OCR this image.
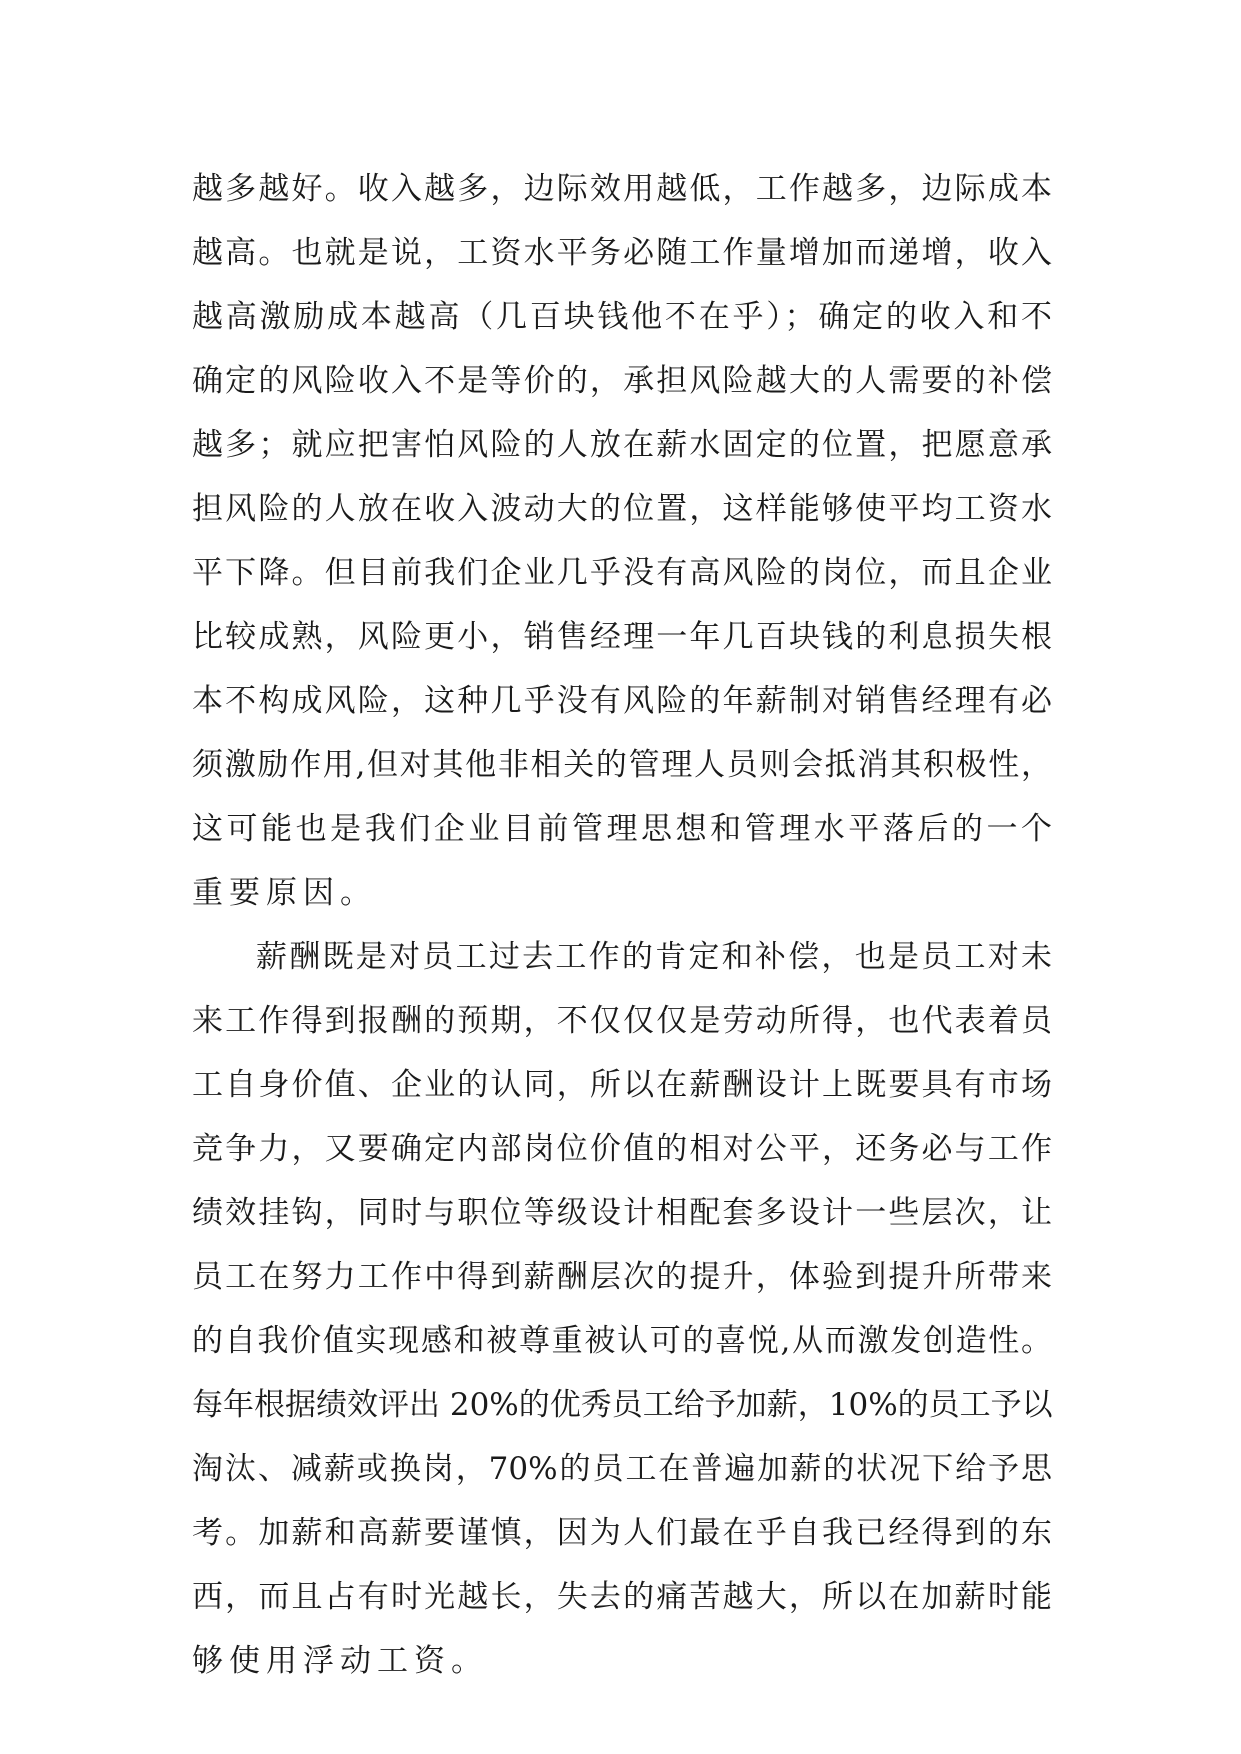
越多越好。收入越多，边际效用越低，工作越多，边际成本
越高。也就是说，工资水平务必随工作量增加而递增，收入
越高激励成本越高（几百块钱他不在乎）；确定的收入和不
确定的风险收入不是等价的，承担风险越大的人需要的补偿
越多；就应把害怕风险的人放在薪水固定的位置，把愿意承
担风险的人放在收入波动大的位置，这样能够使平均工资水
平下降。但目前我们企业几乎没有高风险的岗位，而且企业
比较成熟，风险更小，销售经理一年几百块钱的利息损失根
本不构成风险，这种几乎没有风险的年薪制对销售经理有必
须激励作用,但对其他非相关的管理人员则会抵消其积极性，
这可能也是我们企业目前管理思想和管理水平落后的一个
重要原因。
薪酬既是对员工过去工作的肯定和补偿，也是员工对未
来工作得到报酬的预期，不仅仅仅是劳动所得，也代表着员
工自身价值、企业的认同，所以在薪酬设计上既要具有市场
竞争力，又要确定内部岗位价值的相对公平，还务必与工作
绩效挂钩，同时与职位等级设计相配套多设计一些层次，让
员工在努力工作中得到薪酬层次的提升，体验到提升所带来
的自我价值实现感和被尊重被认可的喜悦,从而激发创造性。
每年根据绩效评出 20%的优秀员工给予加薪，10%的员工予以
淘汰、减薪或换岗，70%的员工在普遍加薪的状况下给予思
考。加薪和高薪要谨慎，因为人们最在乎自我已经得到的东
西，而且占有时光越长，失去的痛苦越大，所以在加薪时能
够使用浮动工资。
